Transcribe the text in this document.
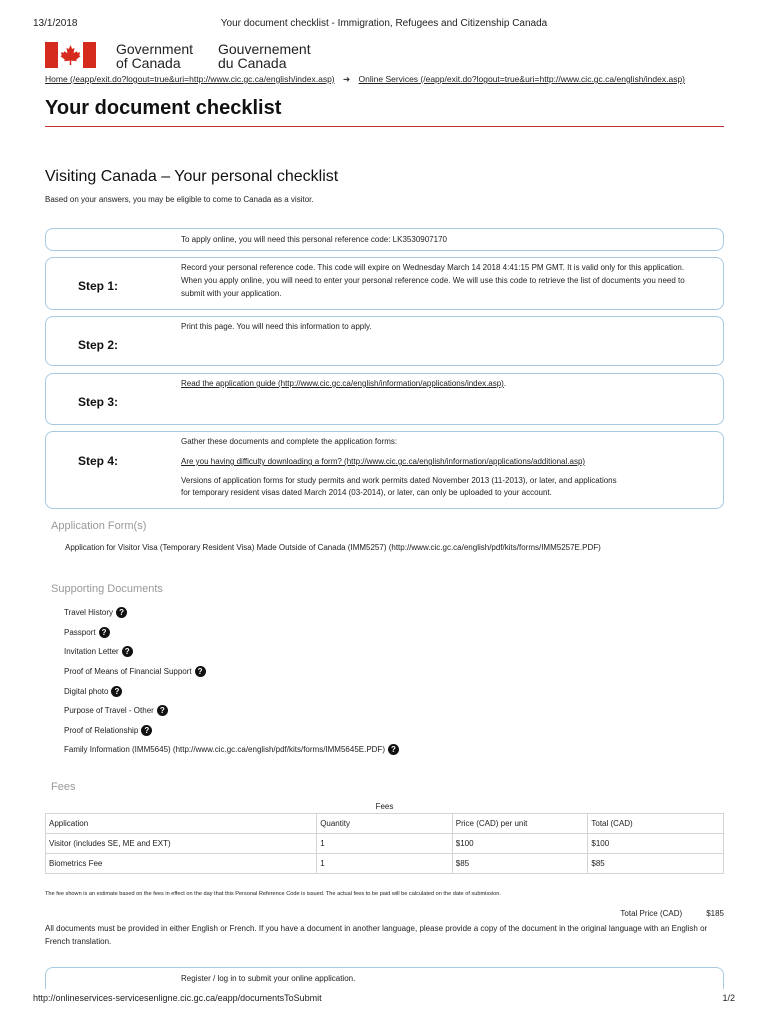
13/1/2018	Your document checklist - Immigration, Refugees and Citizenship Canada
Government
of Canada
Gouvernement
du Canada
Home (/eapp/exit.do?logout=true&uri=http://www.cic.gc.ca/english/index.asp) ➔ Online Services (/eapp/exit.do?logout=true&uri=http://www.cic.gc.ca/english/index.asp)
Your document checklist
Visiting Canada – Your personal checklist

Based on your answers, you may be eligible to come to Canada as a visitor.

To apply online, you will need this personal reference code: LK3530907170
Step 1:
Record your personal reference code. This code will expire on Wednesday March 14 2018 4:41:15 PM GMT. It is valid only for this application. When you apply online, you will need to enter your personal reference code. We will use this code to retrieve the list of documents you need to submit with your application.
Step 2:
Print this page. You will need this information to apply.
Step 3:
Read the application guide (http://www.cic.gc.ca/english/information/applications/index.asp).
Step 4:
Gather these documents and complete the application forms:
Are you having difficulty downloading a form? (http://www.cic.gc.ca/english/information/applications/additional.asp)
Versions of application forms for study permits and work permits dated November 2013 (11-2013), or later, and applications
for temporary resident visas dated March 2014 (03-2014), or later, can only be uploaded to your account.
Application Form(s)
Application for Visitor Visa (Temporary Resident Visa) Made Outside of Canada (IMM5257) (http://www.cic.gc.ca/english/pdf/kits/forms/IMM5257E.PDF)
Supporting Documents
Travel History ?
Passport ?
Invitation Letter ?
Proof of Means of Financial Support ?
Digital photo ?
Purpose of Travel - Other ?
Proof of Relationship ?
Family Information (IMM5645) (http://www.cic.gc.ca/english/pdf/kits/forms/IMM5645E.PDF) ?
Fees
Fees
Application	Quantity	Price (CAD) per unit	Total (CAD)
Visitor (includes SE, ME and EXT)	1	$100	$100
Biometrics Fee	1	$85	$85
The fee shown is an estimate based on the fees in effect on the day that this Personal Reference Code is issued. The actual fees to be paid will be calculated on the date of submission.
Total Price (CAD)	$185

All documents must be provided in either English or French. If you have a document in another language, please provide a copy of the document in the original language with an English or French translation.

Register / log in to submit your online application.
http://onlineservices-servicesenligne.cic.gc.ca/eapp/documentsToSubmit	1/2
